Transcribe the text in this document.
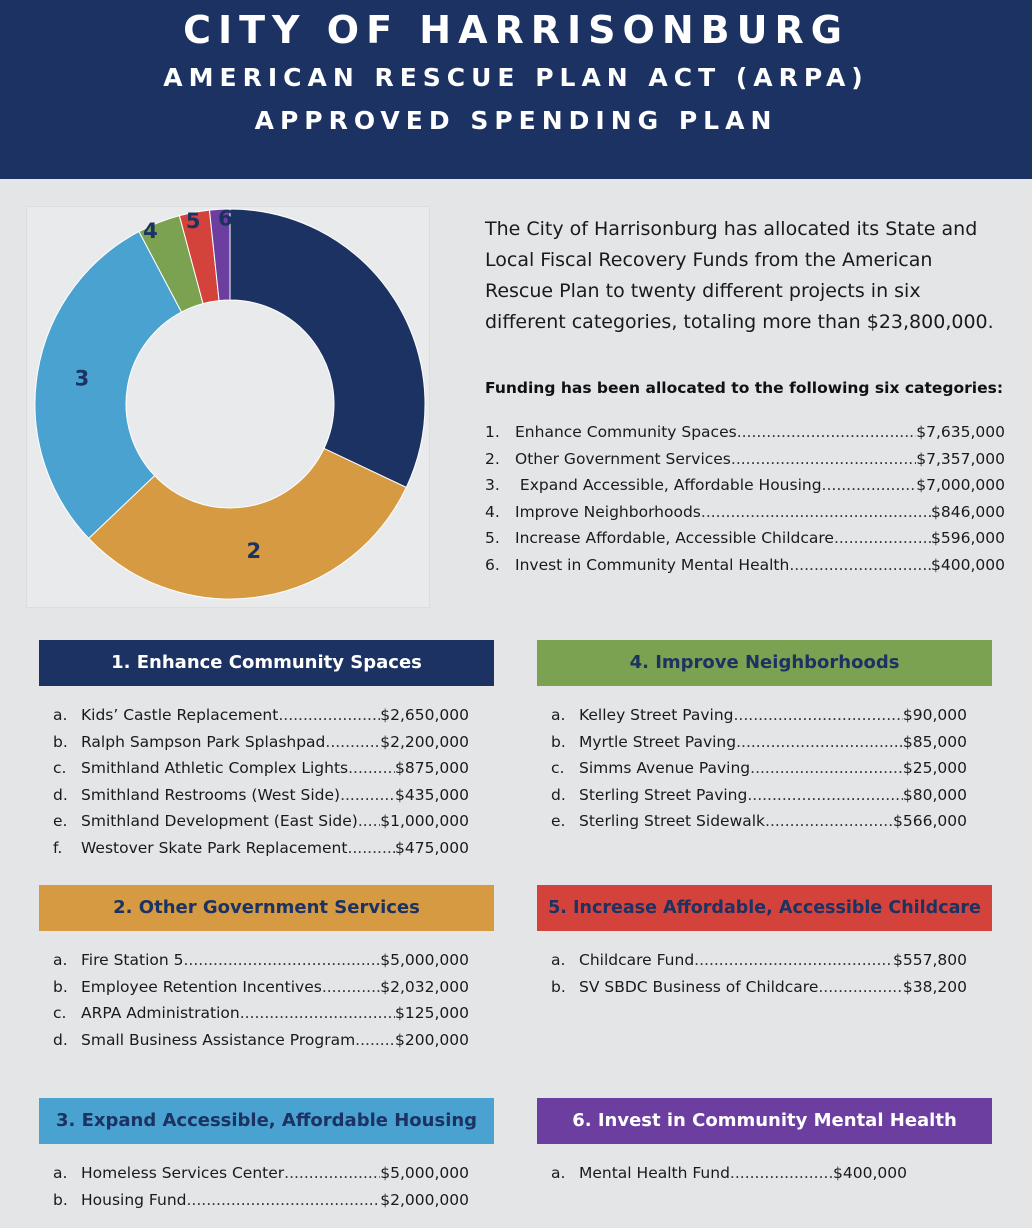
CITY OF HARRISONBURG
AMERICAN RESCUE PLAN ACT (ARPA)
APPROVED SPENDING PLAN
1
2
3
4 5 6	The City of Harrisonburg has allocated its State and Local Fiscal Recovery Funds from the American Rescue Plan to twenty different projects in six different categories, totaling more than $23,800,000.
Funding has been allocated to the following six categories:
1. Enhance Community Spaces .....	$7,635,000
2. Other Government Services .....	$7,357,000
3. Expand Accessible, Affordable Housing .....	$7,000,000
4. Improve Neighborhoods .....	$846,000
5. Increase Affordable, Accessible Childcare .....	$596,000
6. Invest in Community Mental Health .....	$400,000
1. Enhance Community Spaces
a. Kids’ Castle Replacement .....	$2,650,000
b. Ralph Sampson Park Splashpad .....	$2,200,000
c. Smithland Athletic Complex Lights .....	$875,000
d. Smithland Restrooms (West Side) .....	$435,000
e. Smithland Development (East Side) ..... $1,000,000
f.	Westover Skate Park Replacement .....	$475,000
2. Other Government Services
a. Fire Station 5 .....	$5,000,000
b. Employee Retention Incentives .....	$2,032,000
c. ARPA Administration .....	$125,000
d. Small Business Assistance Program .....	$200,000
3. Expand Accessible, Affordable Housing
a. Homeless Services Center .....	$5,000,000
b. Housing Fund .....	$2,000,000
4. Improve Neighborhoods
a. Kelley Street Paving .....	$90,000
b. Myrtle Street Paving .....	$85,000
c. Simms Avenue Paving .....	$25,000
d. Sterling Street Paving .....	$80,000
e. Sterling Street Sidewalk .....	$566,000
5. Increase Affordable, Accessible Childcare
a. Childcare Fund .....	$557,800
b. SV SBDC Business of Childcare .....	$38,200
6. Invest in Community Mental Health
a. Mental Health Fund .....	$400,000
